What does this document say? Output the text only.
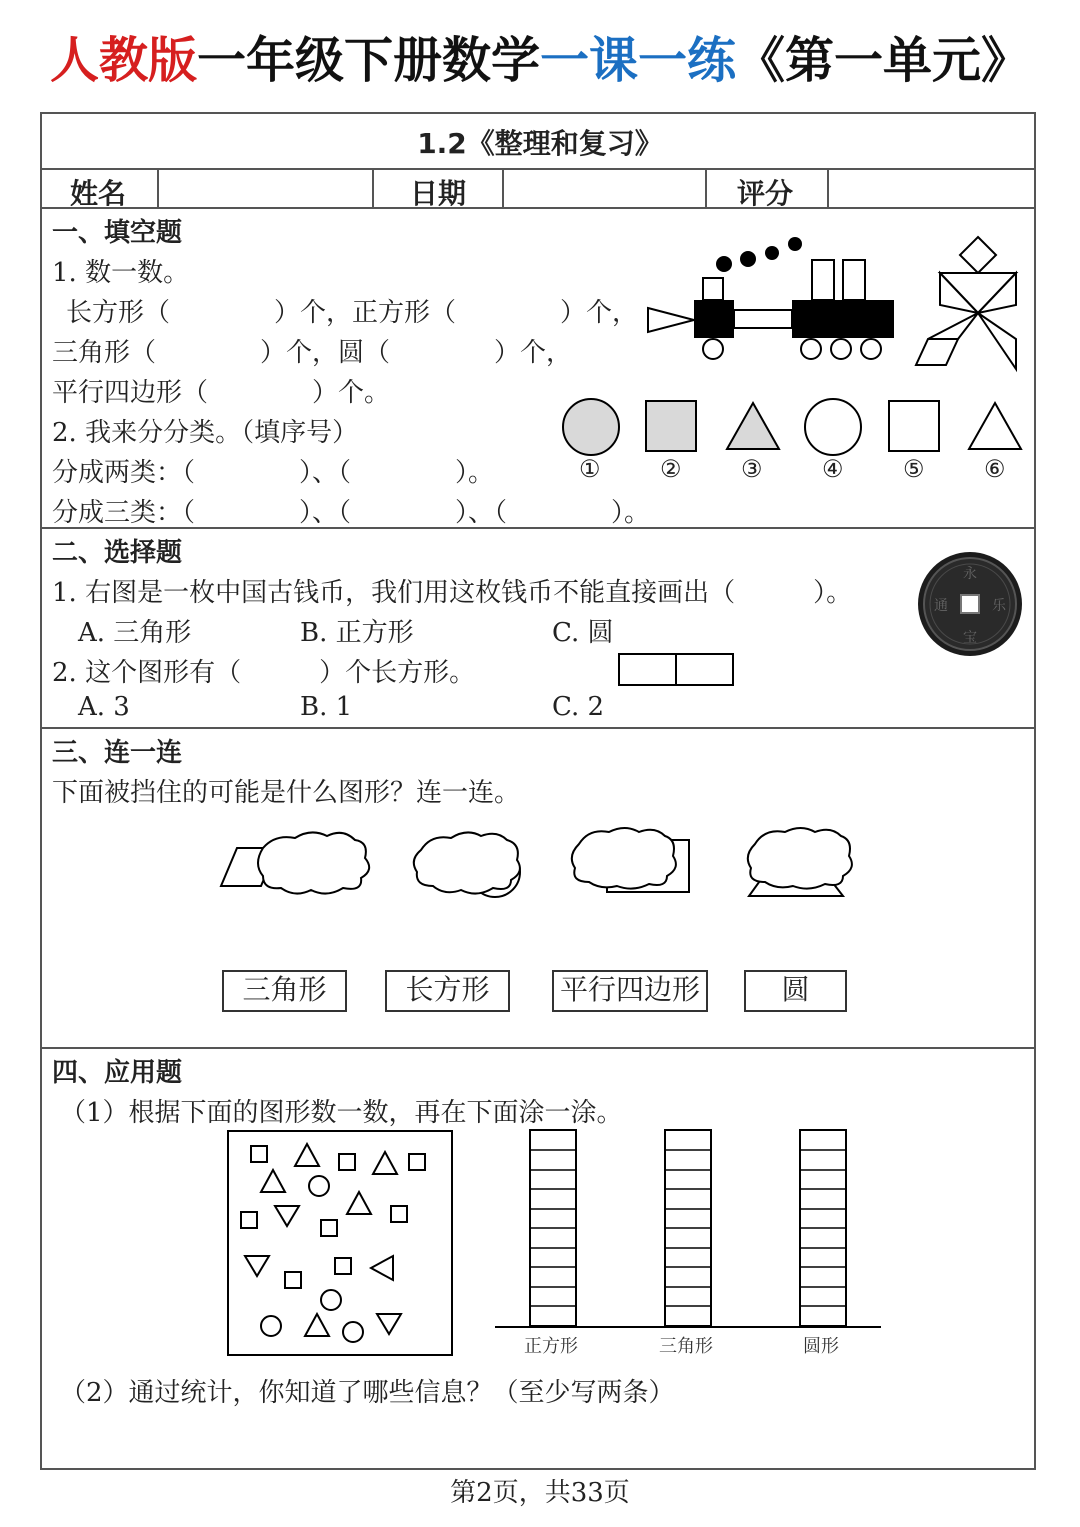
人教版一年级下册数学一课一练《第一单元》
1.2《整理和复习》
姓名	日期	评分
一、填空题
1. 数一数。
长方形（　　　　）个，正方形（　　　　）个，
三角形（　　　　）个，圆（　　　　）个，
平行四边形（　　　　）个。
2. 我来分分类。（填序号）
分成两类：（　　　　）、（　　　　）。
分成三类：（　　　　）、（　　　　）、（　　　　）。
① ② ③ ④ ⑤ ⑥
二、选择题
1. 右图是一枚中国古钱币，我们用这枚钱币不能直接画出（　　　）。
A. 三角形	B. 正方形	C. 圆
2. 这个图形有（　　　）个长方形。
A. 3	B. 1	C. 2
永
宝
通	乐
三、连一连
下面被挡住的可能是什么图形？连一连。
三角形	长方形	平行四边形	圆
四、应用题
（1）根据下面的图形数一数，再在下面涂一涂。
正方形	三角形	圆形
（2）通过统计，你知道了哪些信息？（至少写两条）
第2页，共33页
